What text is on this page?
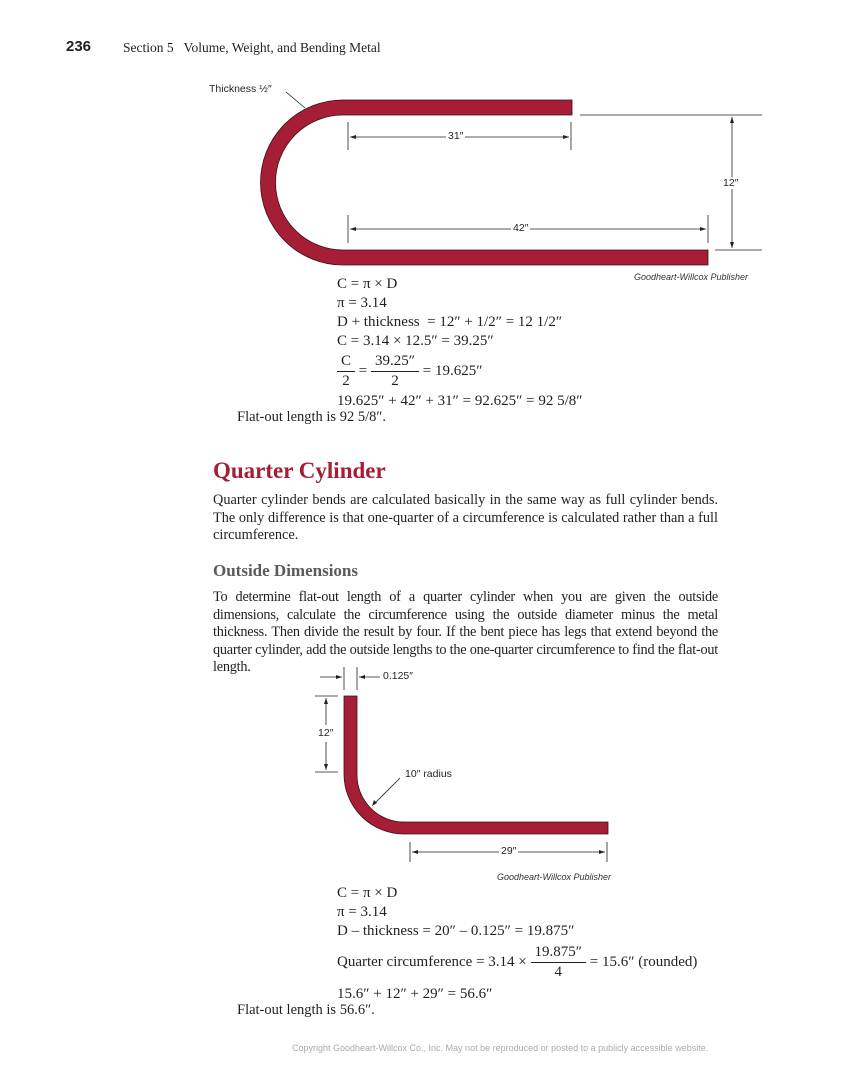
236 Section 5   Volume, Weight, and Bending Metal
Thickness ½″
31″
42″
12″
Goodheart-Willcox Publisher
C = π × D
π = 3.14
D + thickness  = 12″ + 1/2″ = 12 1/2″
C = 3.14 × 12.5″ = 39.25″
$\frac{C}{2} = \frac{39.25''}{2} = 19.625''$
19.625″ + 42″ + 31″ = 92.625″ = 92 5/8″
Flat-out length is 92 5/8″.
Quarter Cylinder
Quarter cylinder bends are calculated basically in the same way as full cylinder bends. The only difference is that one-quarter of a circumference is calculated rather than a full circumference.
Outside Dimensions
To determine flat-out length of a quarter cylinder when you are given the outside dimensions, calculate the circumference using the outside diameter minus the metal thickness. Then divide the result by four. If the bent piece has legs that extend beyond the quarter cylinder, add the outside lengths to the one-quarter circumference to find the flat-out length.
0.125″
12″
10″ radius
29″
Goodheart-Willcox Publisher
C = π × D
π = 3.14
D – thickness = 20″ – 0.125″ = 19.875″
Quarter circumference = $3.14 \times \frac{19.875''}{4} = 15.6''$ (rounded)
15.6″ + 12″ + 29″ = 56.6″
Flat-out length is 56.6″.
Copyright Goodheart-Willcox Co., Inc. May not be reproduced or posted to a publicly accessible website.
